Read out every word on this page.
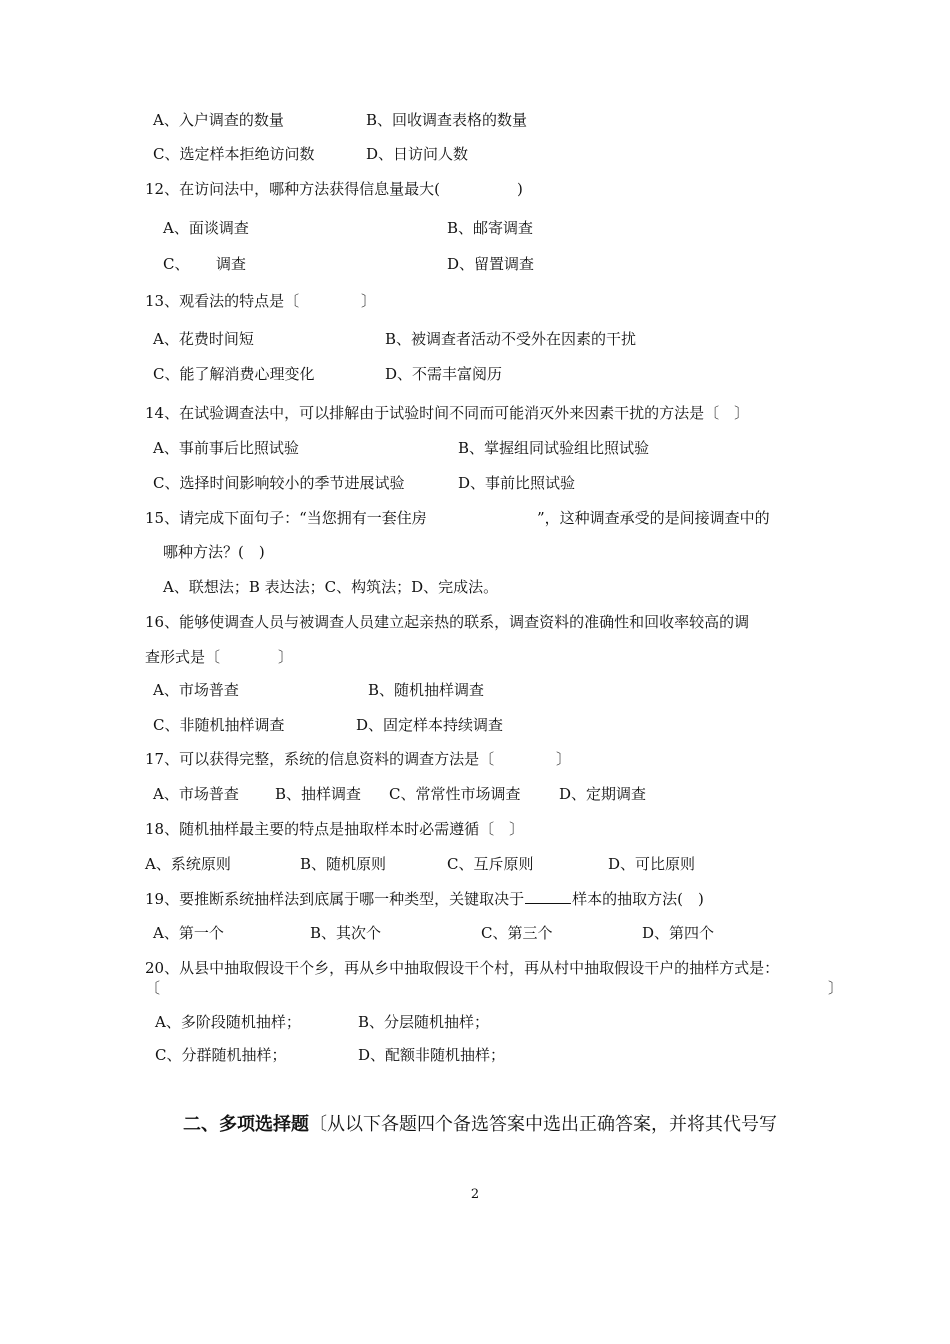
A、入户调查的数量	B、回收调查表格的数量
C、选定样本拒绝访问数	D、日访问人数
12、在访问法中，哪种方法获得信息量最大(	)
A、面谈调查	B、邮寄调查
C、 调查	D、留置调查
13、观看法的特点是〔	〕
A、花费时间短	B、被调查者活动不受外在因素的干扰
C、能了解消费心理变化	D、不需丰富阅历
14、在试验调查法中，可以排解由于试验时间不同而可能消灭外来因素干扰的方法是〔　〕
A、事前事后比照试验	B、掌握组同试验组比照试验
C、选择时间影响较小的季节进展试验	D、事前比照试验
15、请完成下面句子：“当您拥有一套住房	”，这种调查承受的是间接调查中的
哪种方法？(　)
A、联想法；B 表达法；C、构筑法；D、完成法。
16、能够使调查人员与被调查人员建立起亲热的联系，调查资料的准确性和回收率较高的调
查形式是〔	〕
A、市场普查	B、随机抽样调查
C、非随机抽样调查	D、固定样本持续调查
17、可以获得完整，系统的信息资料的调查方法是〔	〕
A、市场普查 B、抽样调查 C、常常性市场调查	D、定期调查
18、随机抽样最主要的特点是抽取样本时必需遵循〔　〕
A、系统原则	B、随机原则	C、互斥原则	D、可比原则
19、要推断系统抽样法到底属于哪一种类型，关键取决于	样本的抽取方法(　)
A、第一个	B、其次个	C、第三个	D、第四个
20、从县中抽取假设干个乡，再从乡中抽取假设干个村，再从村中抽取假设干户的抽样方式是：
〔	〕
A、多阶段随机抽样；	B、分层随机抽样；
C、分群随机抽样；	D、配额非随机抽样；
二、多项选择题〔从以下各题四个备选答案中选出正确答案，并将其代号写
2
